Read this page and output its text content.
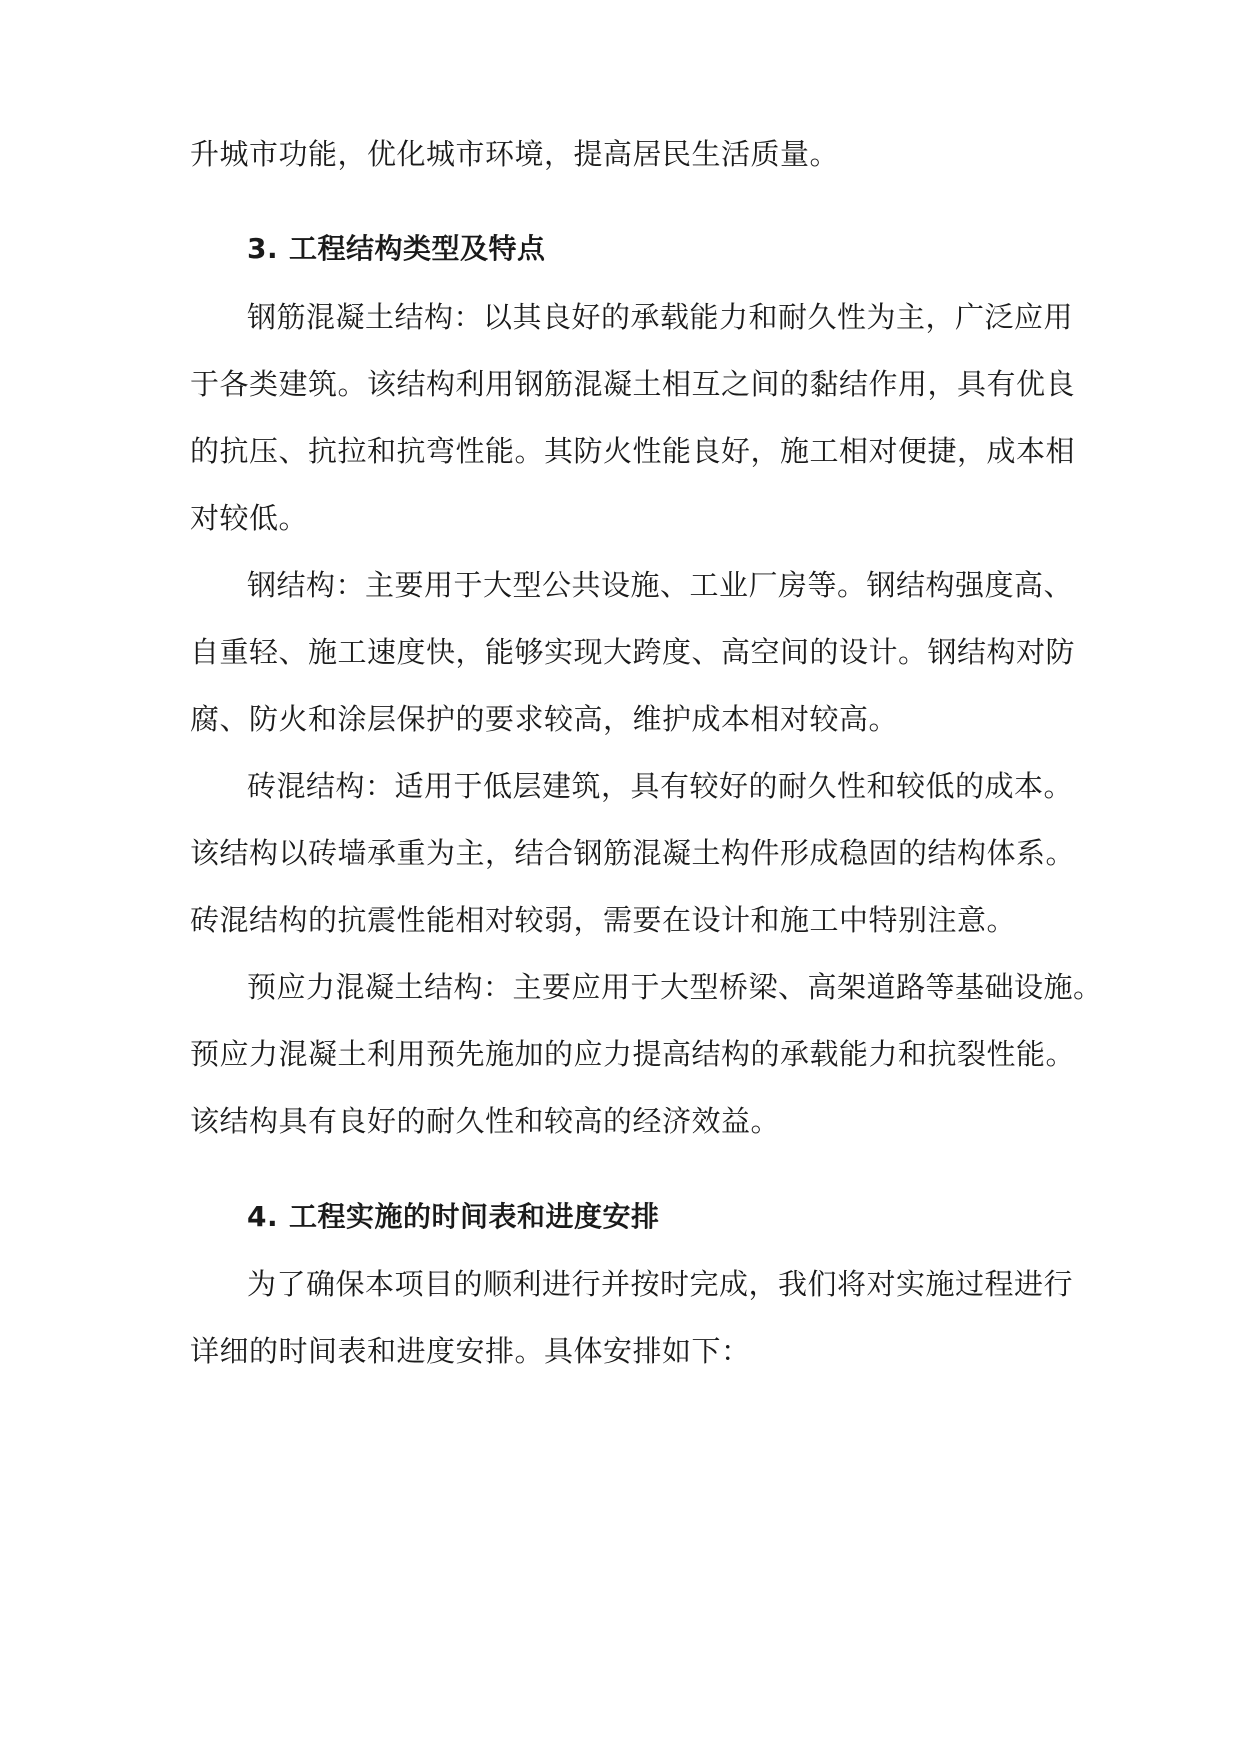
升城市功能，优化城市环境，提高居民生活质量。
3. 工程结构类型及特点
钢筋混凝土结构：以其良好的承载能力和耐久性为主，广泛应用
于各类建筑。该结构利用钢筋混凝土相互之间的黏结作用，具有优良
的抗压、抗拉和抗弯性能。其防火性能良好，施工相对便捷，成本相
对较低。
钢结构：主要用于大型公共设施、工业厂房等。钢结构强度高、
自重轻、施工速度快，能够实现大跨度、高空间的设计。钢结构对防
腐、防火和涂层保护的要求较高，维护成本相对较高。
砖混结构：适用于低层建筑，具有较好的耐久性和较低的成本。
该结构以砖墙承重为主，结合钢筋混凝土构件形成稳固的结构体系。
砖混结构的抗震性能相对较弱，需要在设计和施工中特别注意。
预应力混凝土结构：主要应用于大型桥梁、高架道路等基础设施。
预应力混凝土利用预先施加的应力提高结构的承载能力和抗裂性能。
该结构具有良好的耐久性和较高的经济效益。
4. 工程实施的时间表和进度安排
为了确保本项目的顺利进行并按时完成，我们将对实施过程进行
详细的时间表和进度安排。具体安排如下：
